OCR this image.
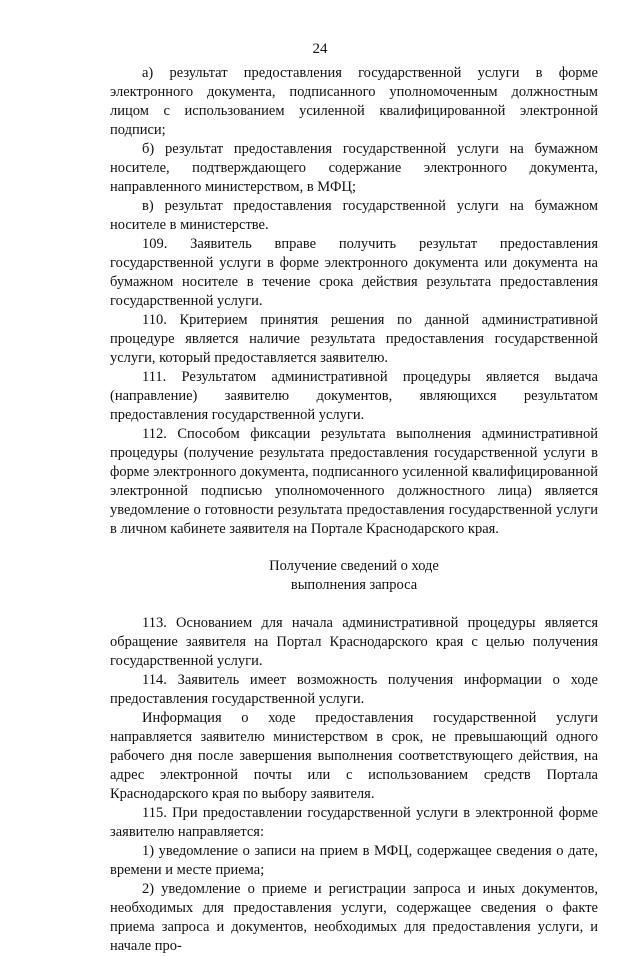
24

а) результат предоставления государственной услуги в форме электронного документа, подписанного уполномоченным должностным лицом с использованием усиленной квалифицированной электронной подписи;

б) результат предоставления государственной услуги на бумажном носителе, подтверждающего содержание электронного документа, направленного министерством, в МФЦ;

в) результат предоставления государственной услуги на бумажном носителе в министерстве.

109. Заявитель вправе получить результат предоставления государственной услуги в форме электронного документа или документа на бумажном носителе в течение срока действия результата предоставления государственной услуги.

110. Критерием принятия решения по данной административной процедуре является наличие результата предоставления государственной услуги, который предоставляется заявителю.

111. Результатом административной процедуры является выдача (направление) заявителю документов, являющихся результатом предоставления государственной услуги.

112. Способом фиксации результата выполнения административной процедуры (получение результата предоставления государственной услуги в форме электронного документа, подписанного усиленной квалифицированной электронной подписью уполномоченного должностного лица) является уведомление о готовности результата предоставления государственной услуги в личном кабинете заявителя на Портале Краснодарского края.

Получение сведений о ходе
выполнения запроса

113. Основанием для начала административной процедуры является обращение заявителя на Портал Краснодарского края с целью получения государственной услуги.

114. Заявитель имеет возможность получения информации о ходе предоставления государственной услуги.

Информация о ходе предоставления государственной услуги направляется заявителю министерством в срок, не превышающий одного рабочего дня после завершения выполнения соответствующего действия, на адрес электронной почты или с использованием средств Портала Краснодарского края по выбору заявителя.

115. При предоставлении государственной услуги в электронной форме заявителю направляется:

1) уведомление о записи на прием в МФЦ, содержащее сведения о дате, времени и месте приема;

2) уведомление о приеме и регистрации запроса и иных документов, необходимых для предоставления услуги, содержащее сведения о факте приема запроса и документов, необходимых для предоставления услуги, и начале про-
